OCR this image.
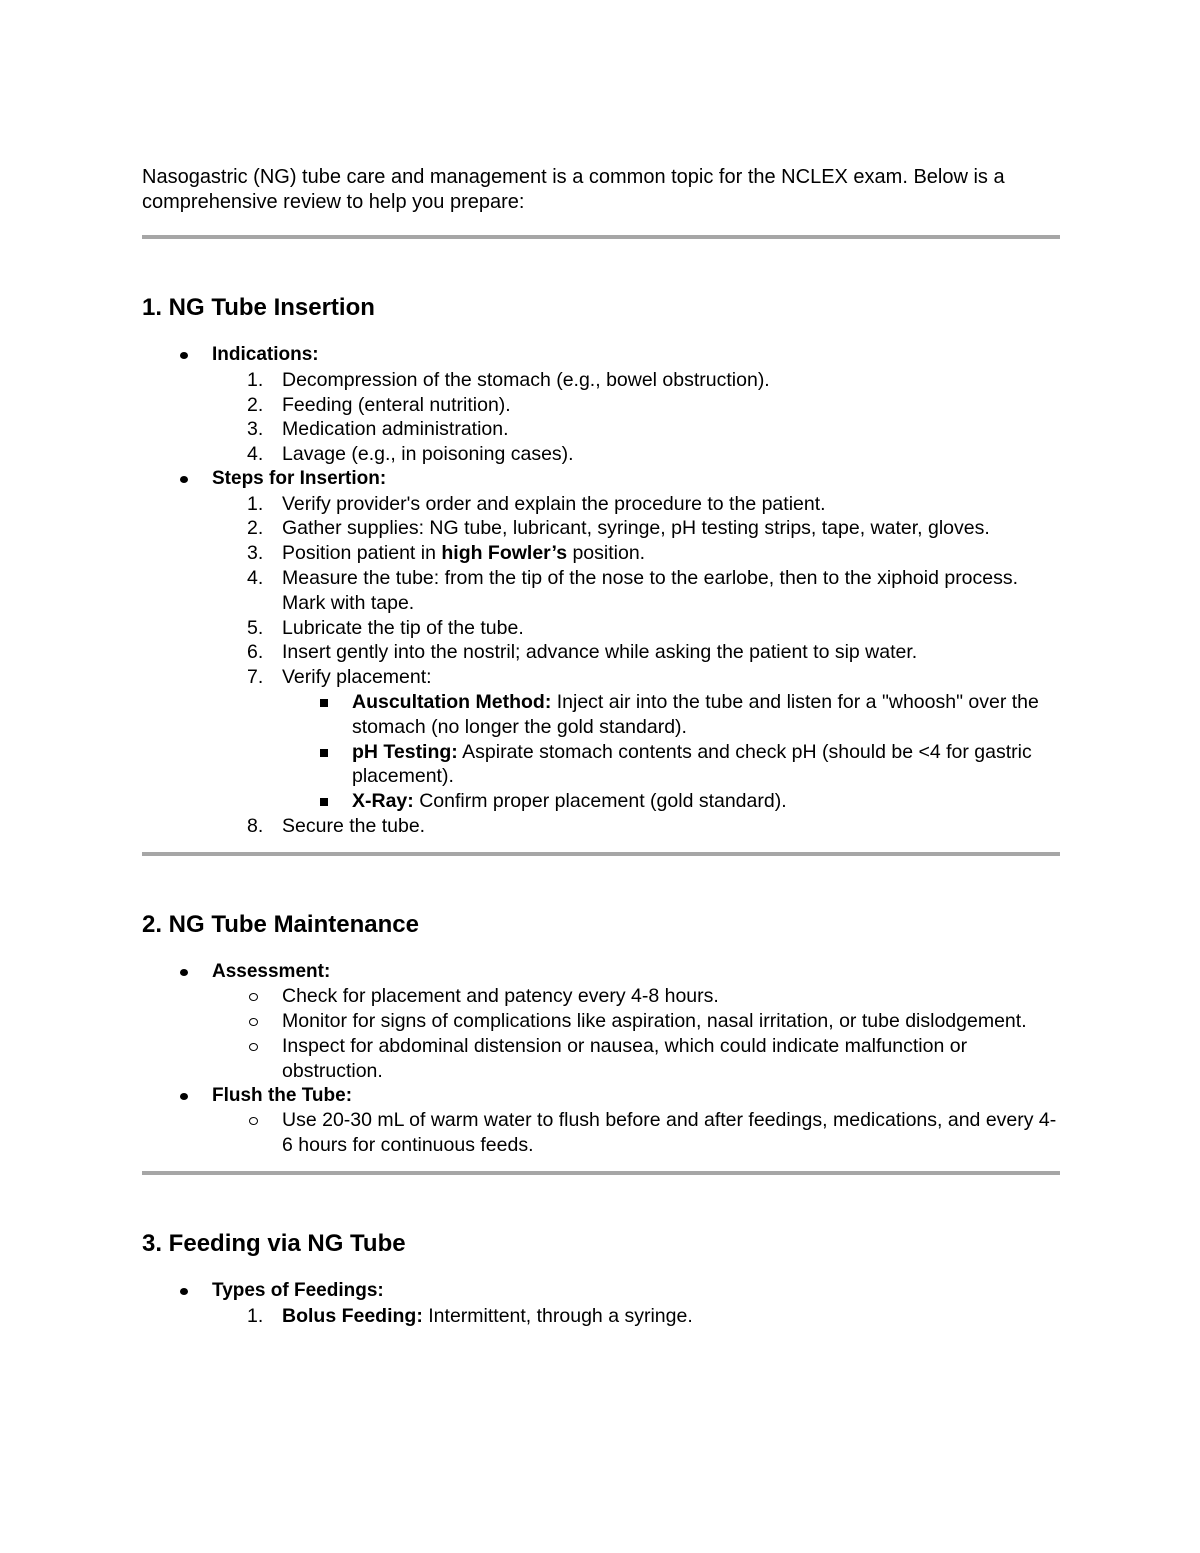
Nasogastric (NG) tube care and management is a common topic for the NCLEX exam. Below is a comprehensive review to help you prepare:

1. NG Tube Insertion
Indications:
1. Decompression of the stomach (e.g., bowel obstruction).
2. Feeding (enteral nutrition).
3. Medication administration.
4. Lavage (e.g., in poisoning cases).
Steps for Insertion:
1. Verify provider's order and explain the procedure to the patient.
2. Gather supplies: NG tube, lubricant, syringe, pH testing strips, tape, water, gloves.
3. Position patient in high Fowler’s position.
4. Measure the tube: from the tip of the nose to the earlobe, then to the xiphoid process. Mark with tape.
5. Lubricate the tip of the tube.
6. Insert gently into the nostril; advance while asking the patient to sip water.
7. Verify placement:
Auscultation Method: Inject air into the tube and listen for a "whoosh" over the stomach (no longer the gold standard).
pH Testing: Aspirate stomach contents and check pH (should be <4 for gastric placement).
X-Ray: Confirm proper placement (gold standard).
8. Secure the tube.
2. NG Tube Maintenance
Assessment:
Check for placement and patency every 4-8 hours.
Monitor for signs of complications like aspiration, nasal irritation, or tube dislodgement.
Inspect for abdominal distension or nausea, which could indicate malfunction or obstruction.
Flush the Tube:
Use 20-30 mL of warm water to flush before and after feedings, medications, and every 4-6 hours for continuous feeds.
3. Feeding via NG Tube
Types of Feedings:
1. Bolus Feeding: Intermittent, through a syringe.
